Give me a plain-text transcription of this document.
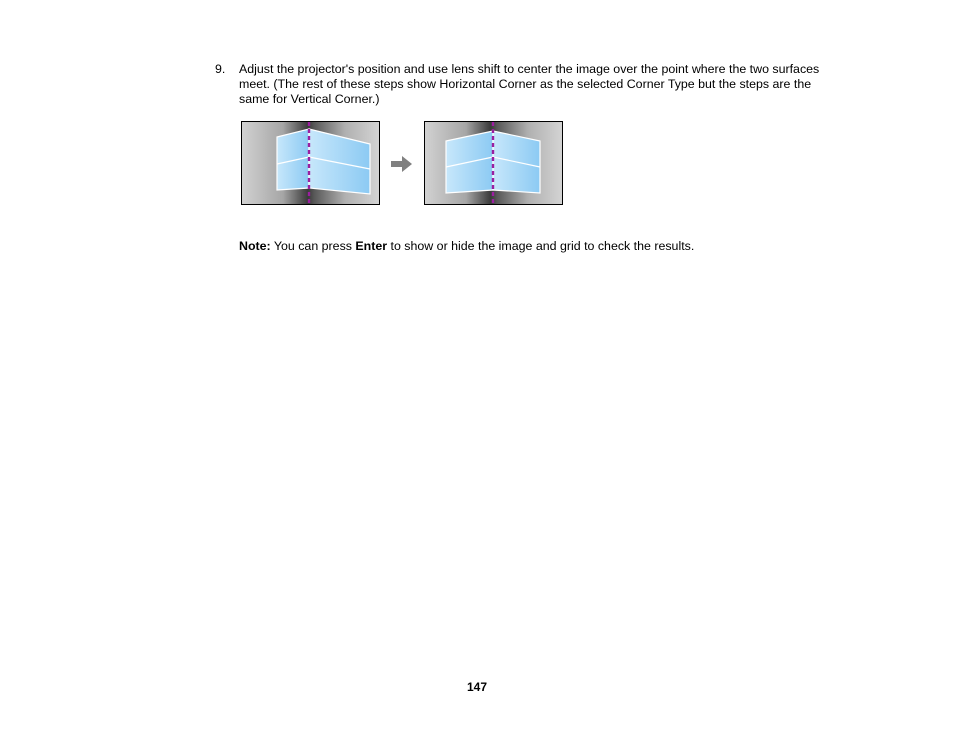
9. Adjust the projector's position and use lens shift to center the image over the point where the two surfaces meet. (The rest of these steps show Horizontal Corner as the selected Corner Type but the steps are the same for Vertical Corner.)
Note: You can press Enter to show or hide the image and grid to check the results.
147
